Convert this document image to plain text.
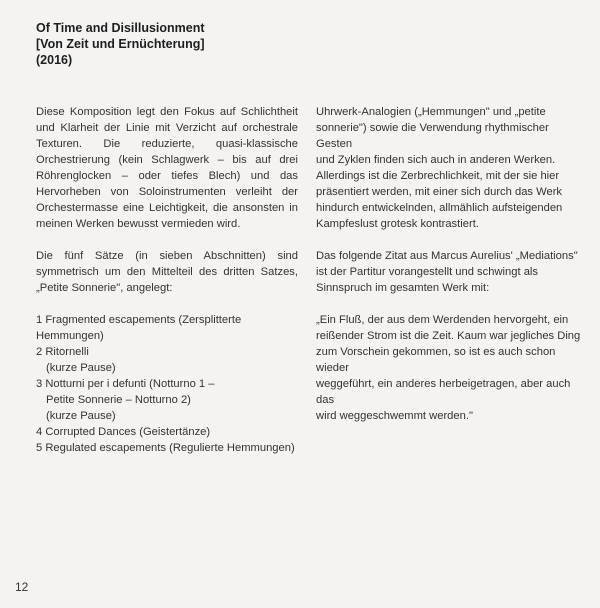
Of Time and Disillusionment
[Von Zeit und Ernüchterung]
(2016)

Diese Komposition legt den Fokus auf Schlichtheit und Klarheit der Linie mit Verzicht auf orchestrale Texturen. Die reduzierte, quasi-klassische Orchestrierung (kein Schlagwerk – bis auf drei Röhrenglocken – oder tiefes Blech) und das Hervorheben von Soloinstrumenten verleiht der Orchestermasse eine Leichtigkeit, die ansonsten in meinen Werken bewusst vermieden wird.

Die fünf Sätze (in sieben Abschnitten) sind symmetrisch um den Mittelteil des dritten Satzes, „Petite Sonnerie", angelegt:

1 Fragmented escapements (Zersplitterte Hemmungen)
2 Ritornelli
(kurze Pause)
3 Notturni per i defunti (Notturno 1 –
Petite Sonnerie – Notturno 2)
(kurze Pause)
4 Corrupted Dances (Geistertänze)
5 Regulated escapements (Regulierte Hemmungen)

Uhrwerk-Analogien („Hemmungen" und „petite
sonnerie") sowie die Verwendung rhythmischer Gesten
und Zyklen finden sich auch in anderen Werken.
Allerdings ist die Zerbrechlichkeit, mit der sie hier
präsentiert werden, mit einer sich durch das Werk
hindurch entwickelnden, allmählich aufsteigenden
Kampfeslust grotesk kontrastiert.

Das folgende Zitat aus Marcus Aurelius' „Mediations"
ist der Partitur vorangestellt und schwingt als
Sinnspruch im gesamten Werk mit:

„Ein Fluß, der aus dem Werdenden hervorgeht, ein
reißender Strom ist die Zeit. Kaum war jegliches Ding
zum Vorschein gekommen, so ist es auch schon wieder
weggeführt, ein anderes herbeigetragen, aber auch das
wird weggeschwemmt werden."

12
